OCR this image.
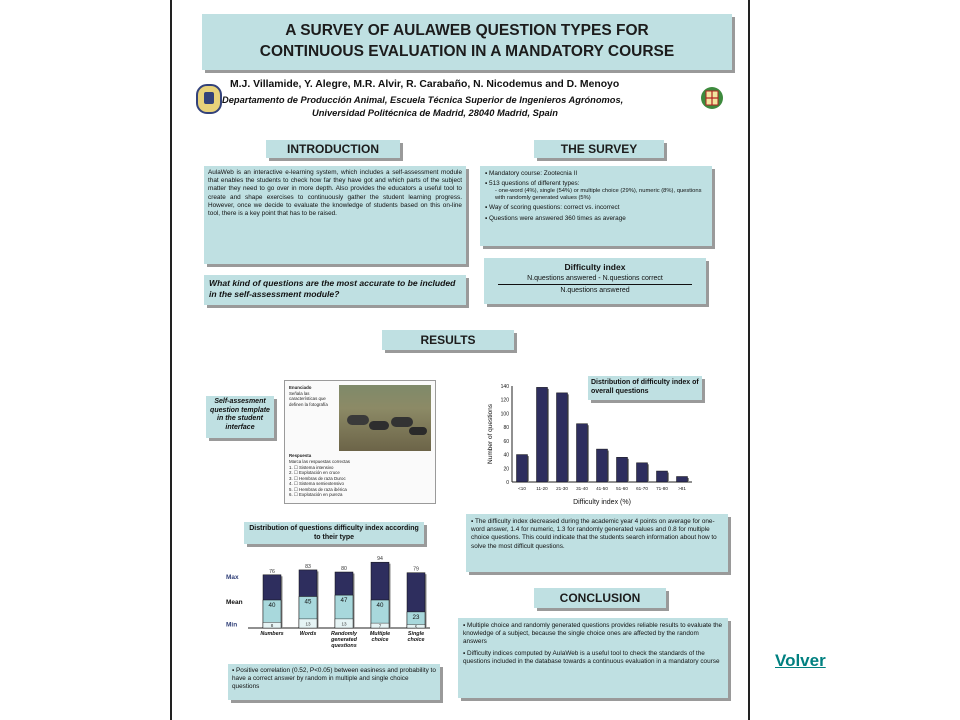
A SURVEY OF AULAWEB QUESTION TYPES FOR
CONTINUOUS EVALUATION IN A MANDATORY COURSE
M.J. Villamide, Y. Alegre, M.R. Alvir, R. Carabaño, N. Nicodemus and D. Menoyo
Departamento de Producción Animal, Escuela Técnica Superior de Ingenieros Agrónomos,
Universidad Politécnica de Madrid, 28040 Madrid, Spain
INTRODUCTION
AulaWeb is an interactive e-learning system, which includes a self-assessment module that enables the students to check how far they have got and which parts of the subject matter they need to go over in more depth. Also provides the educators a useful tool to create and shape exercises to continuously gather the student learning progress. However, once we decide to evaluate the knowledge of students based on this on-line tool, there is a key point that has to be raised.
What kind of questions are the most accurate to be included in the self-assessment module?
THE SURVEY
▪ Mandatory course: Zootecnia II
▪ 513 questions of different types:
- one-word (4%), single (54%) or multiple choice (29%), numeric (8%), questions with randomly generated values (5%)
▪ Way of scoring questions: correct vs. incorrect
▪ Questions were answered 360 times as average
Difficulty index
N.questions answered - N.questions correct
N.questions answered
RESULTS
Self-assesment question template in the student interface
Enunciado
Señala las características que definen la fotografía
Respuesta
Marca las respuestas correctas
1. ☐ Sistema intensivo
2. ☐ Explotación en cruce
3. ☐ Hembras de raza Duroc
4. ☐ Sistema semiextensivo
5. ☐ Hembras de raza ibérica
6. ☐ Explotación en pureza
Distribution of difficulty index of overall questions
0
20
40
60
80
100
120
140
<10 11-20 21-30 31-40 41-50 51-60 61-70 71-80 >81
Number of questions
Difficulty index (%)
Distribution of questions difficulty index according to their type
Max
Mean
Min
76
40
8
Numbers
83
45
13
Words
80
47
13
Randomly
generated
questions
94
40
7
Multiple
choice
79
23
5
Single
choice
▪ Positive correlation (0.52, P<0.05) between easiness and probability to have a correct answer by random in multiple and single choice questions
▪ The difficulty index decreased during the academic year 4 points on average for one-word answer, 1.4 for numeric, 1.3 for randomly generated values and 0.8 for multiple choice questions. This could indicate that the students search information about how to solve the most difficult questions.
CONCLUSION
▪ Multiple choice and randomly generated questions provides reliable results to evaluate the knowledge of a subject, because the single choice ones are affected by the random answers
▪ Difficulty indices computed by AulaWeb is a useful tool to check the standards of the questions included in the database towards a continuous evaluation in a mandatory course	Volver
